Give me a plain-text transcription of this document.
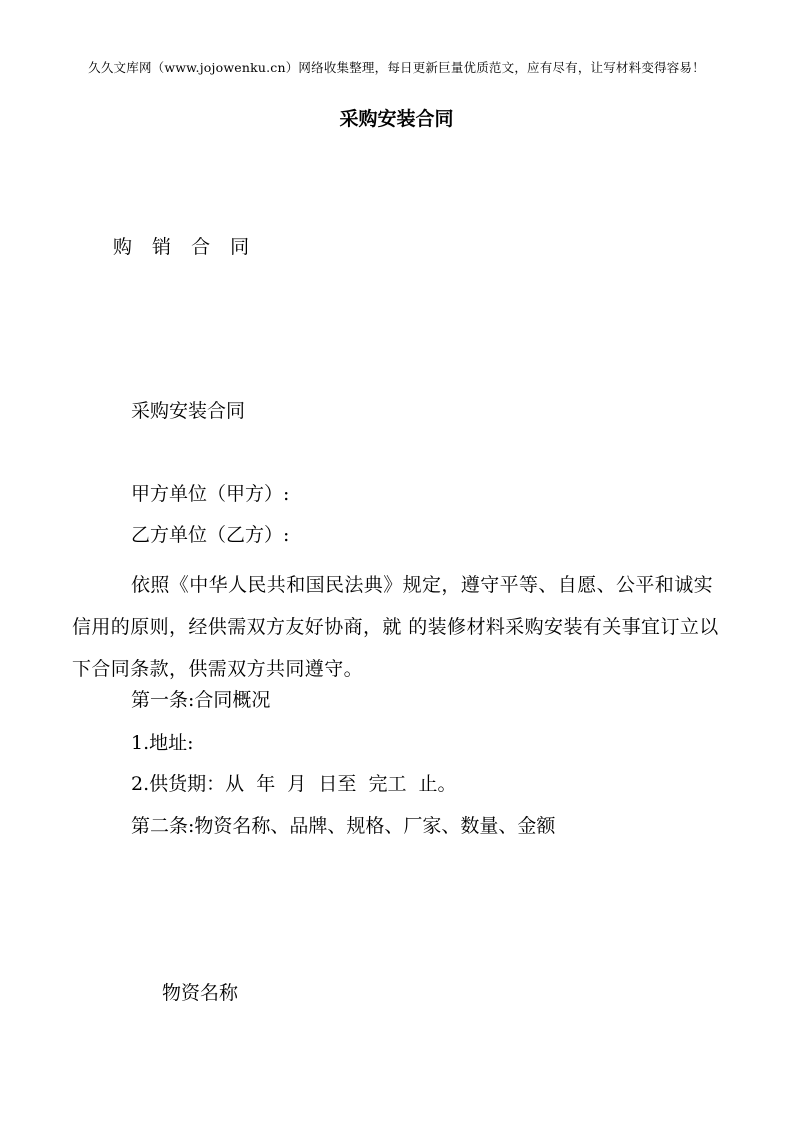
久久文库网（www.jojowenku.cn）网络收集整理，每日更新巨量优质范文，应有尽有，让写材料变得容易！

采购安装合同

购 销 合 同

采购安装合同

甲方单位（甲方）:

乙方单位（乙方）:

依照《中华人民共和国民法典》规定，遵守平等、自愿、公平和诚实信用的原则，经供需双方友好协商，就 的装修材料采购安装有关事宜订立以下合同条款，供需双方共同遵守。

第一条:合同概况

1.地址:

2.供货期：从  年  月  日至  完工  止。

第二条:物资名称、品牌、规格、厂家、数量、金额

物资名称
